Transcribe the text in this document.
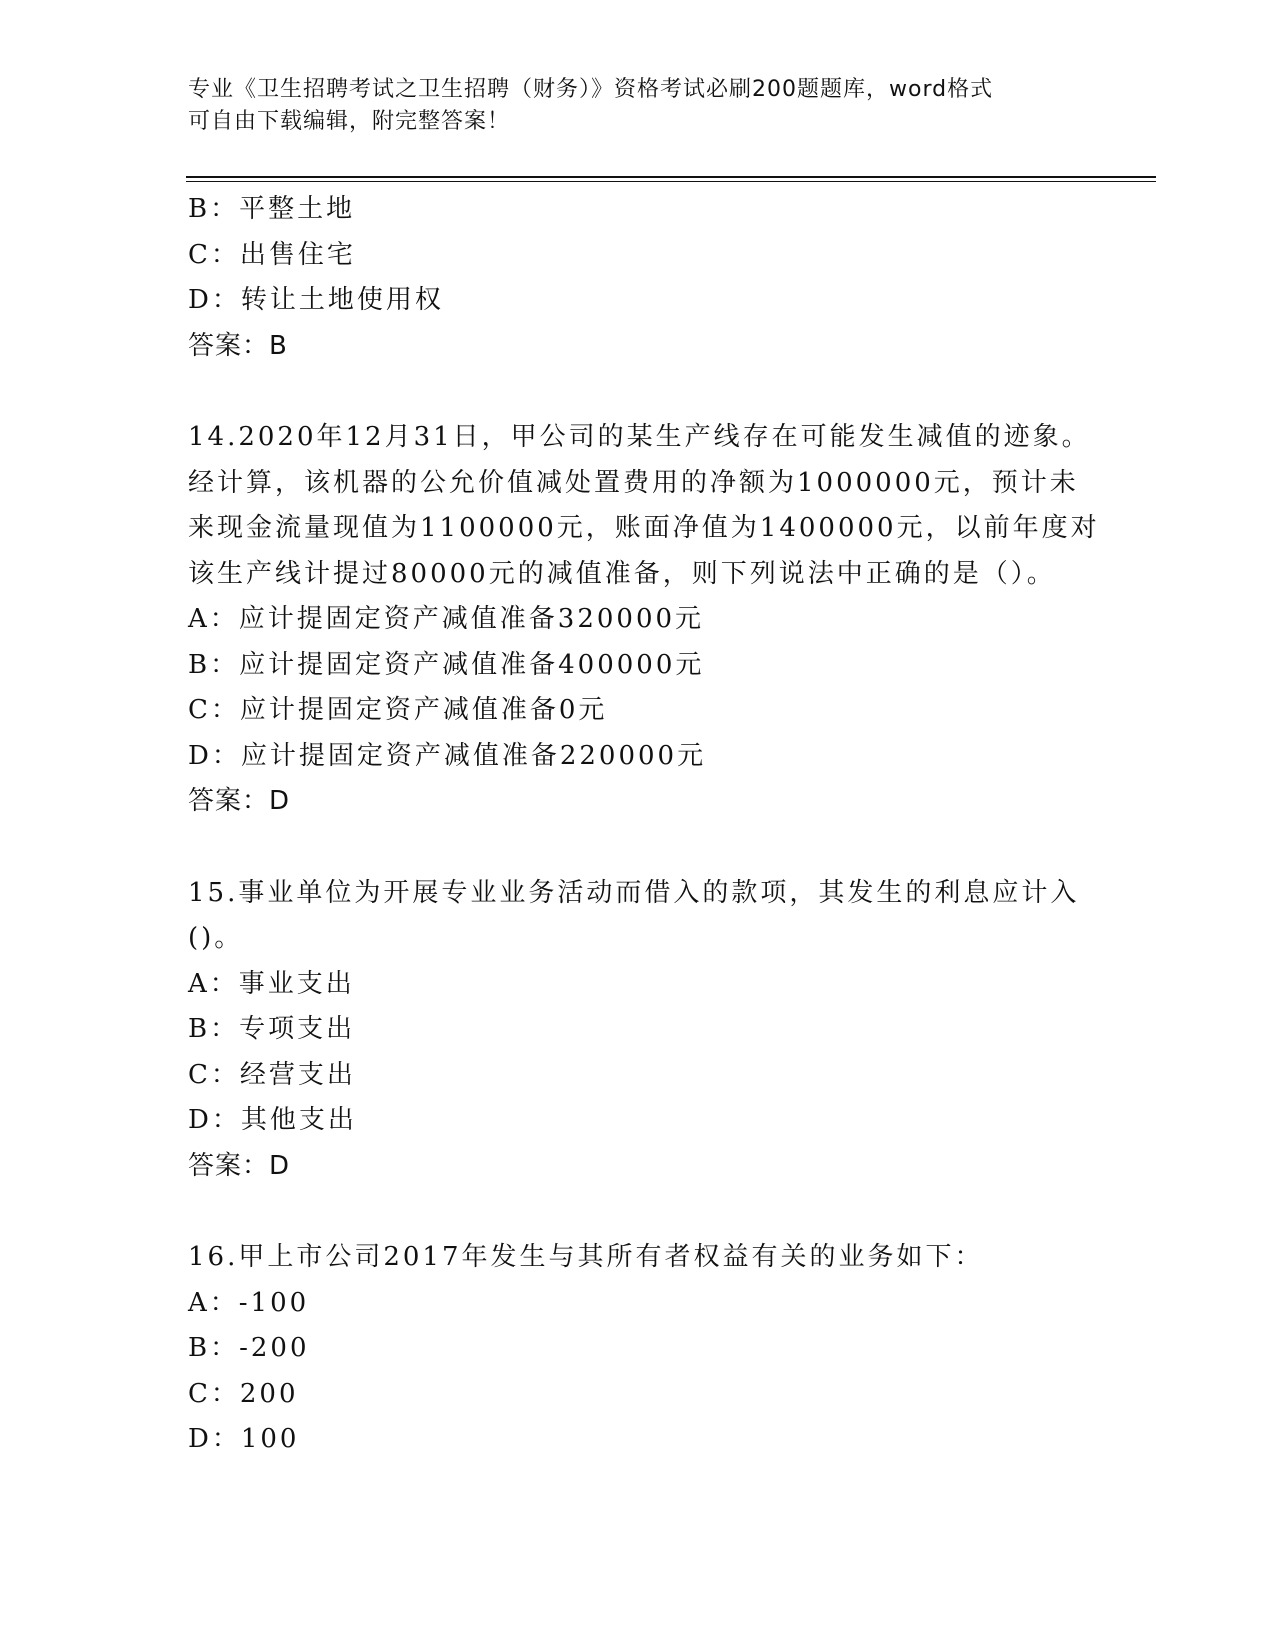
专业《卫生招聘考试之卫生招聘（财务）》资格考试必刷200题题库，word格式
可自由下载编辑，附完整答案！
B：平整土地
C：出售住宅
D：转让土地使用权
答案：B
14.2020年12月31日，甲公司的某生产线存在可能发生减值的迹象。
经计算，该机器的公允价值减处置费用的净额为1000000元，预计未
来现金流量现值为1100000元，账面净值为1400000元，以前年度对
该生产线计提过80000元的减值准备，则下列说法中正确的是（）。
A：应计提固定资产减值准备320000元
B：应计提固定资产减值准备400000元
C：应计提固定资产减值准备0元
D：应计提固定资产减值准备220000元
答案：D
15.事业单位为开展专业业务活动而借入的款项，其发生的利息应计入
()。
A：事业支出
B：专项支出
C：经营支出
D：其他支出
答案：D
16.甲上市公司2017年发生与其所有者权益有关的业务如下：
A：-100
B：-200
C：200
D：100
